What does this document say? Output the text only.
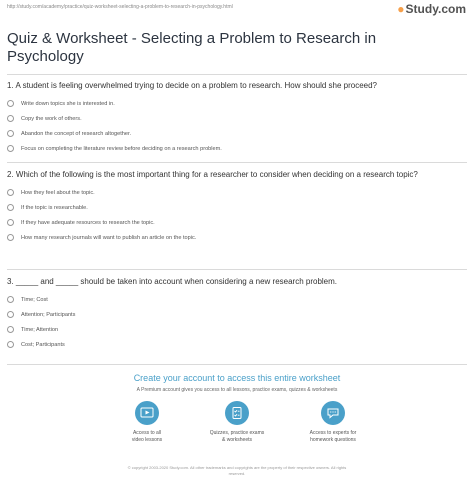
http://study.com/academy/practice/quiz-worksheet-selecting-a-problem-to-research-in-psychology.html	●Study.com
Quiz & Worksheet - Selecting a Problem to Research in Psychology

1. A student is feeling overwhelmed trying to decide on a problem to research. How should she proceed?

Write down topics she is interested in.
Copy the work of others.
Abandon the concept of research altogether.
Focus on completing the literature review before deciding on a research problem.

2. Which of the following is the most important thing for a researcher to consider when deciding on a research topic?

How they feel about the topic.
If the topic is researchable.
If they have adequate resources to research the topic.
How many research journals will want to publish an article on the topic.

3. _____ and _____ should be taken into account when considering a new research problem.

Time; Cost
Attention; Participants
Time; Attention
Cost; Participants
Create your account to access this entire worksheet
A Premium account gives you access to all lessons, practice exams, quizzes & worksheets
Access to all
video lessons
Quizzes, practice exams
& worksheets
Access to experts for
homework questions
© copyright 2003-2020 Study.com. All other trademarks and copyrights are the property of their respective owners. All rights
reserved.
